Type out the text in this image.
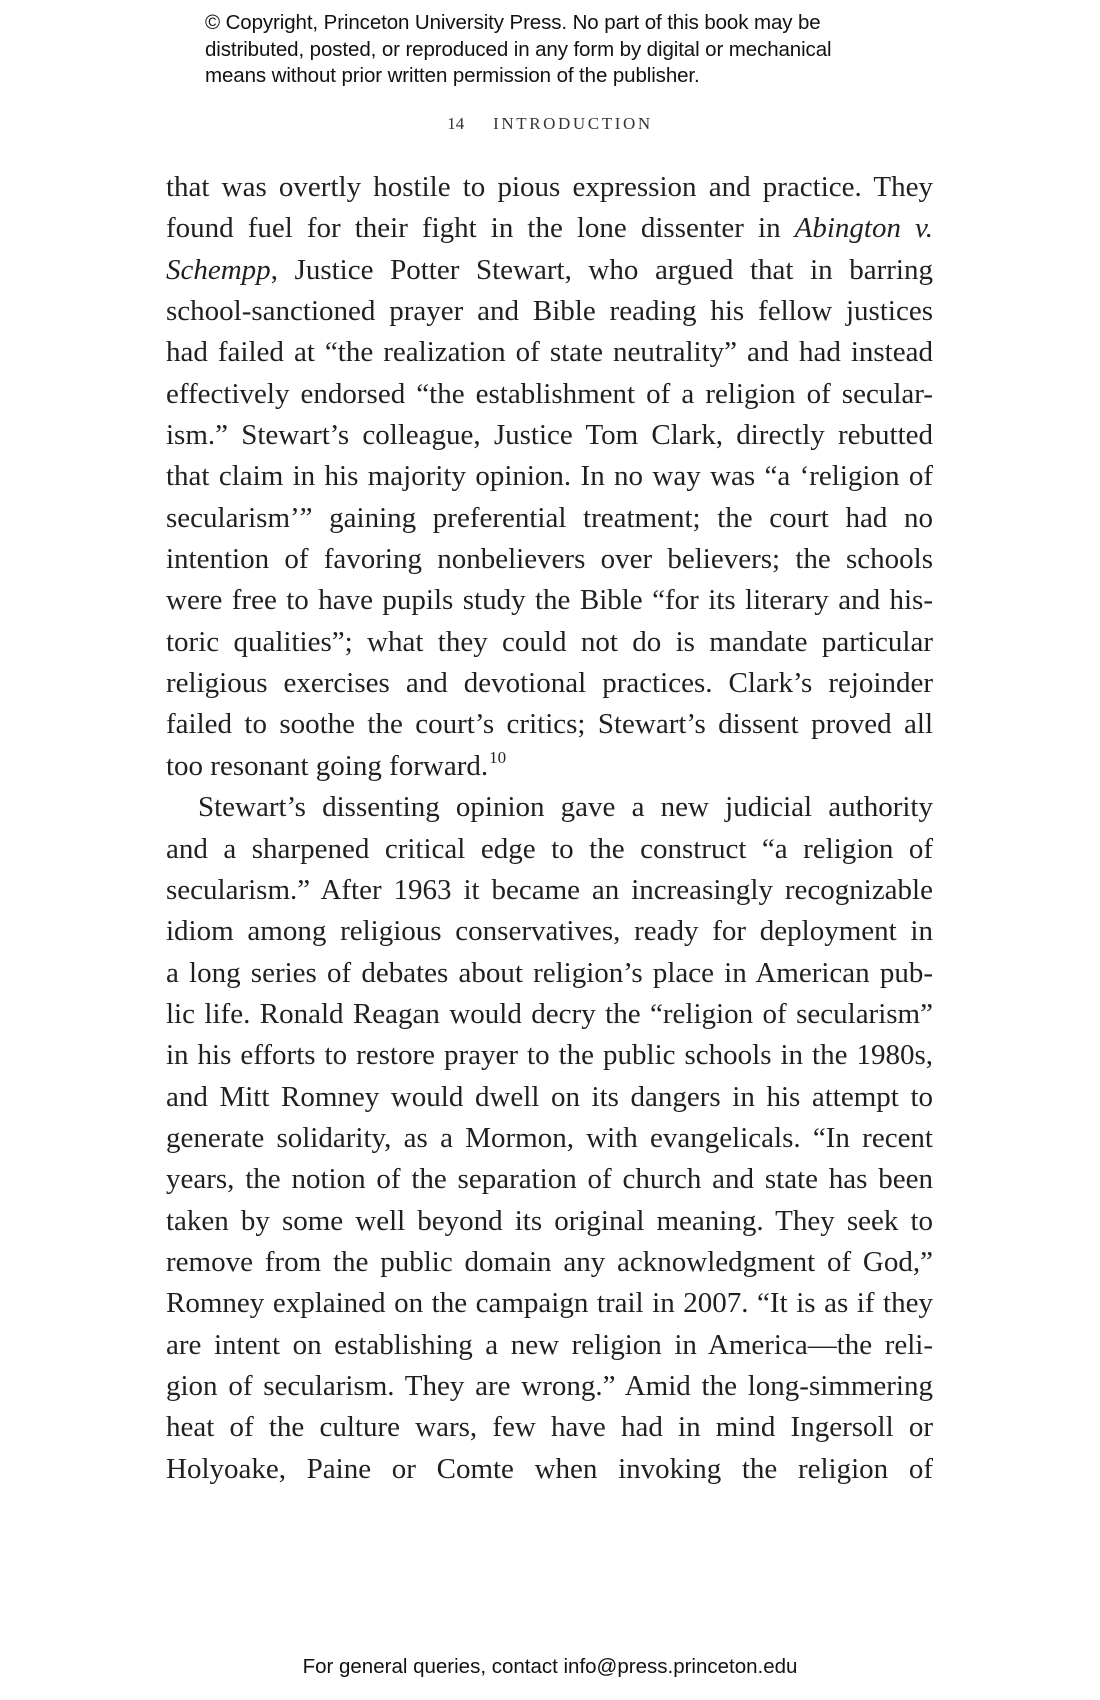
© Copyright, Princeton University Press. No part of this book may be
distributed, posted, or reproduced in any form by digital or mechanical
means without prior written permission of the publisher.
14 INTRODUCTION
that was overtly hostile to pious expression and practice. They
found fuel for their fight in the lone dissenter in Abington v.
Schempp, Justice Potter Stewart, who argued that in barring
school-sanctioned prayer and Bible reading his fellow justices
had failed at “the realization of state neutrality” and had instead
effectively endorsed “the establishment of a religion of secular-
ism.” Stewart’s colleague, Justice Tom Clark, directly rebutted
that claim in his majority opinion. In no way was “a ‘religion of
secularism’” gaining preferential treatment; the court had no
intention of favoring nonbelievers over believers; the schools
were free to have pupils study the Bible “for its literary and his-
toric qualities”; what they could not do is mandate particular
religious exercises and devotional practices. Clark’s rejoinder
failed to soothe the court’s critics; Stewart’s dissent proved all
too resonant going forward.$^{10}$
Stewart’s dissenting opinion gave a new judicial authority
and a sharpened critical edge to the construct “a religion of
secularism.” After 1963 it became an increasingly recognizable
idiom among religious conservatives, ready for deployment in
a long series of debates about religion’s place in American pub-
lic life. Ronald Reagan would decry the “religion of secularism”
in his efforts to restore prayer to the public schools in the 1980s,
and Mitt Romney would dwell on its dangers in his attempt to
generate solidarity, as a Mormon, with evangelicals. “In recent
years, the notion of the separation of church and state has been
taken by some well beyond its original meaning. They seek to
remove from the public domain any acknowledgment of God,”
Romney explained on the campaign trail in 2007. “It is as if they
are intent on establishing a new religion in America—the reli-
gion of secularism. They are wrong.” Amid the long-simmering
heat of the culture wars, few have had in mind Ingersoll or
Holyoake, Paine or Comte when invoking the religion of
For general queries, contact info@press.princeton.edu
